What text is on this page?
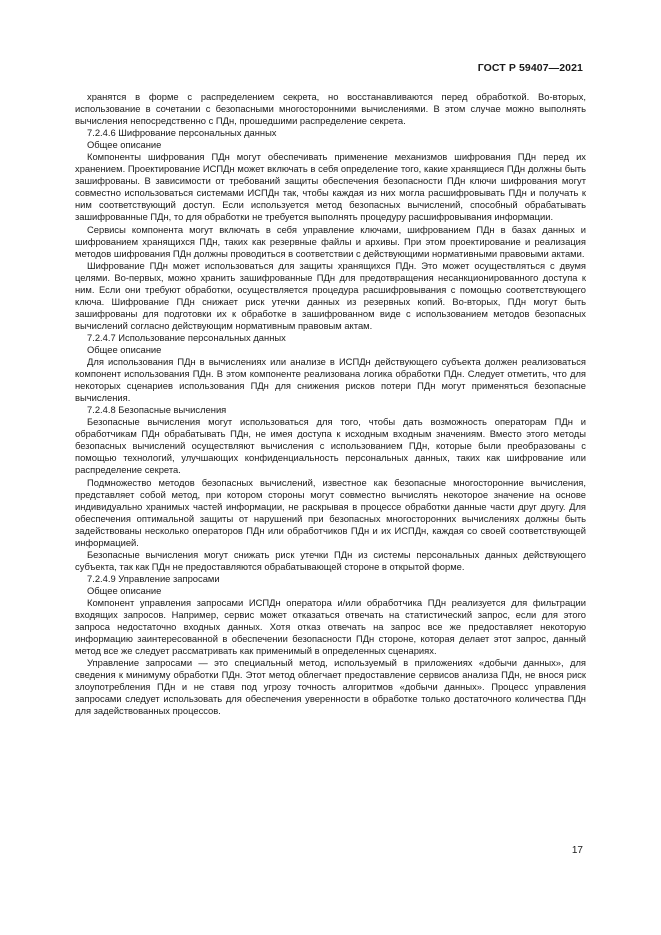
ГОСТ Р 59407—2021

хранятся в форме с распределением секрета, но восстанавливаются перед обработкой. Во-вторых, использование в сочетании с безопасными многосторонними вычислениями. В этом случае можно выполнять вычисления непосредственно с ПДн, прошедшими распределение секрета.

7.2.4.6 Шифрование персональных данных

Общее описание

Компоненты шифрования ПДн могут обеспечивать применение механизмов шифрования ПДн перед их хранением. Проектирование ИСПДн может включать в себя определение того, какие хранящиеся ПДн должны быть зашифрованы. В зависимости от требований защиты обеспечения безопасности ПДн ключи шифрования могут совместно использоваться системами ИСПДн так, чтобы каждая из них могла расшифровывать ПДн и получать к ним соответствующий доступ. Если используется метод безопасных вычислений, способный обрабатывать зашифрованные ПДн, то для обработки не требуется выполнять процедуру расшифровывания информации.

Сервисы компонента могут включать в себя управление ключами, шифрованием ПДн в базах данных и шифрованием хранящихся ПДн, таких как резервные файлы и архивы. При этом проектирование и реализация методов шифрования ПДн должны проводиться в соответствии с действующими нормативными правовыми актами.

Шифрование ПДн может использоваться для защиты хранящихся ПДн. Это может осуществляться с двумя целями. Во-первых, можно хранить зашифрованные ПДн для предотвращения несанкционированного доступа к ним. Если они требуют обработки, осуществляется процедура расшифровывания с помощью соответствующего ключа. Шифрование ПДн снижает риск утечки данных из резервных копий. Во-вторых, ПДн могут быть зашифрованы для подготовки их к обработке в зашифрованном виде с использованием методов безопасных вычислений согласно действующим нормативным правовым актам.

7.2.4.7 Использование персональных данных

Общее описание

Для использования ПДн в вычислениях или анализе в ИСПДн действующего субъекта должен реализоваться компонент использования ПДн. В этом компоненте реализована логика обработки ПДн. Следует отметить, что для некоторых сценариев использования ПДн для снижения рисков потери ПДн могут применяться безопасные вычисления.

7.2.4.8 Безопасные вычисления

Безопасные вычисления могут использоваться для того, чтобы дать возможность операторам ПДн и обработчикам ПДн обрабатывать ПДн, не имея доступа к исходным входным значениям. Вместо этого методы безопасных вычислений осуществляют вычисления с использованием ПДн, которые были преобразованы с помощью технологий, улучшающих конфиденциальность персональных данных, таких как шифрование или распределение секрета.

Подмножество методов безопасных вычислений, известное как безопасные многосторонние вычисления, представляет собой метод, при котором стороны могут совместно вычислять некоторое значение на основе индивидуально хранимых частей информации, не раскрывая в процессе обработки данные части друг другу. Для обеспечения оптимальной защиты от нарушений при безопасных многосторонних вычислениях должны быть задействованы несколько операторов ПДн или обработчиков ПДн и их ИСПДн, каждая со своей соответствующей информацией.

Безопасные вычисления могут снижать риск утечки ПДн из системы персональных данных действующего субъекта, так как ПДн не предоставляются обрабатывающей стороне в открытой форме.

7.2.4.9 Управление запросами

Общее описание

Компонент управления запросами ИСПДн оператора и/или обработчика ПДн реализуется для фильтрации входящих запросов. Например, сервис может отказаться отвечать на статистический запрос, если для этого запроса недостаточно входных данных. Хотя отказ отвечать на запрос все же предоставляет некоторую информацию заинтересованной в обеспечении безопасности ПДн стороне, которая делает этот запрос, данный метод все же следует рассматривать как применимый в определенных сценариях.

Управление запросами — это специальный метод, используемый в приложениях «добычи данных», для сведения к минимуму обработки ПДн. Этот метод облегчает предоставление сервисов анализа ПДн, не внося риск злоупотребления ПДн и не ставя под угрозу точность алгоритмов «добычи данных». Процесс управления запросами следует использовать для обеспечения уверенности в обработке только достаточного количества ПДн для задействованных процессов.

17
